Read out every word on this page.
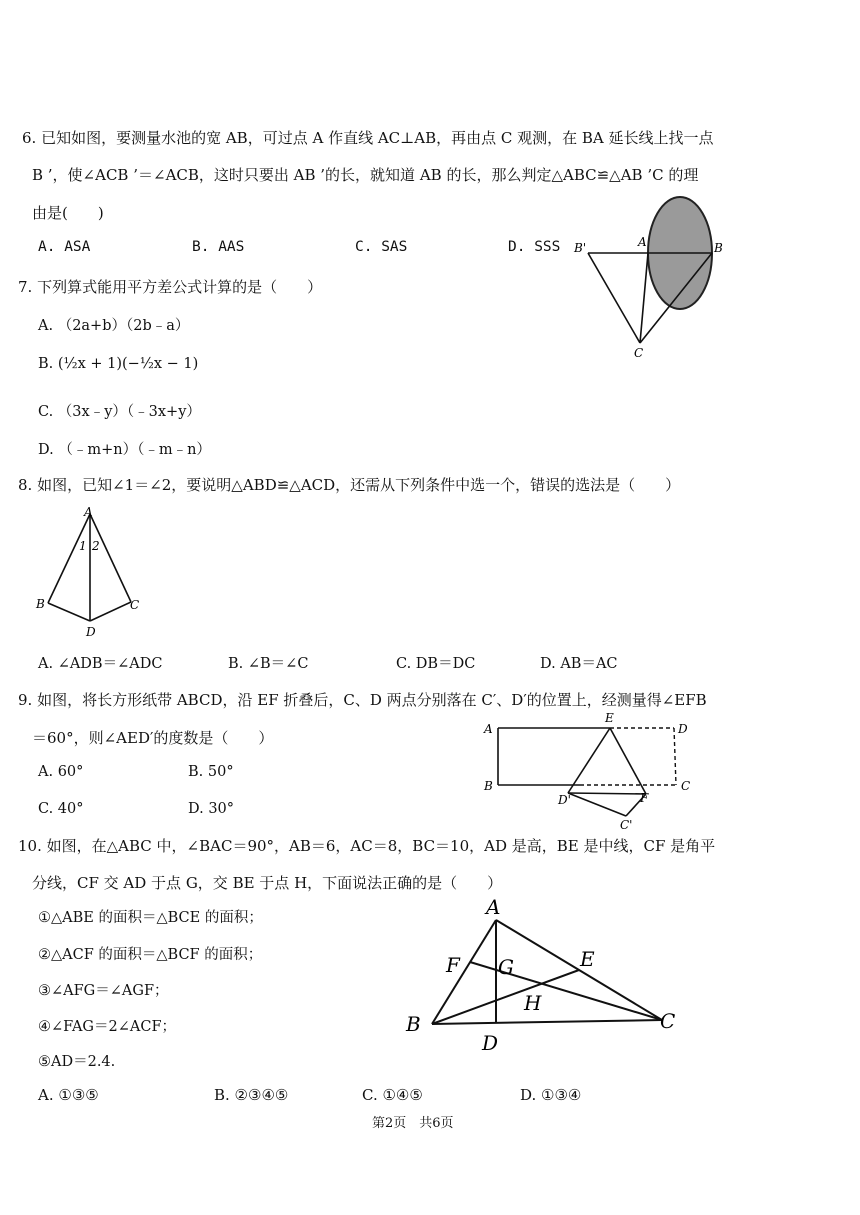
6. 已知如图，要测量水池的宽 AB，可过点 A 作直线 AC⊥AB，再由点 C 观测，在 BA 延长线上找一点
B ’，使∠ACB ’＝∠ACB，这时只要出 AB ’的长，就知道 AB 的长，那么判定△ABC≌△AB ’C 的理
由是(　　)
A. ASA	B. AAS	C. SAS	D. SSS B'	A	B
C
7. 下列算式能用平方差公式计算的是（　　）
A. （2a+b）（2b﹣a）
B. (½x + 1)(−½x − 1)
C. （3x﹣y）（﹣3x+y）
D. （﹣m+n）（﹣m﹣n）
8. 如图，已知∠1＝∠2，要说明△ABD≌△ACD，还需从下列条件中选一个，错误的选法是（　　）
A
1 2
B	C
D
A. ∠ADB＝∠ADC	B. ∠B＝∠C	C. DB＝DC	D. AB＝AC
9. 如图，将长方形纸带 ABCD，沿 EF 折叠后，C、D 两点分别落在 C′、D′的位置上，经测量得∠EFB
＝60°，则∠AED′的度数是（　　）
A. 60°	B. 50°
C. 40°	D. 30°
A
E
D
B	C
D'	F
C'
10. 如图，在△ABC 中，∠BAC＝90°，AB＝6，AC＝8，BC＝10，AD 是高，BE 是中线，CF 是角平
分线，CF 交 AD 于点 G，交 BE 于点 H，下面说法正确的是（　　）
①△ABE 的面积＝△BCE 的面积；
②△ACF 的面积＝△BCF 的面积；
③∠AFG＝∠AGF；
④∠FAG＝2∠ACF；
⑤AD＝2.4.
A
F G	E
H
B	C
D
A. ①③⑤	B. ②③④⑤	C. ①④⑤	D. ①③④
第2页　共6页
